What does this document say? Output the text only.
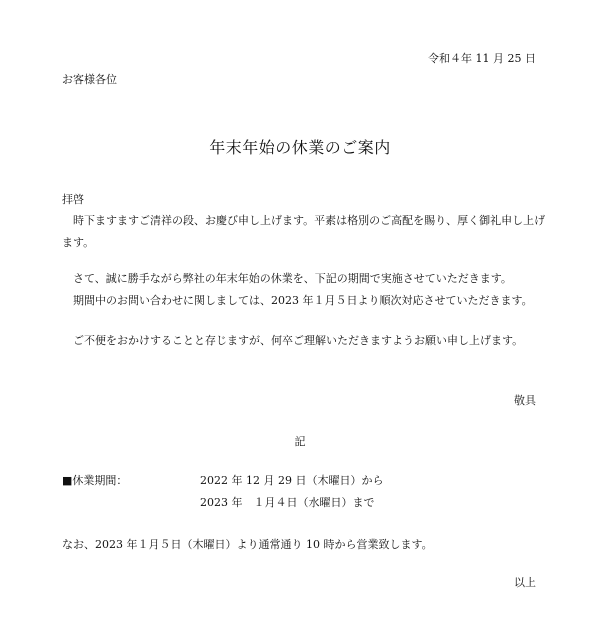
令和４年 11 月 25 日
お客様各位
年末年始の休業のご案内
拝啓
時下ますますご清祥の段、お慶び申し上げます。平素は格別のご高配を賜り、厚く御礼申し上げます。
さて、誠に勝手ながら弊社の年末年始の休業を、下記の期間で実施させていただきます。
期間中のお問い合わせに関しましては、2023 年１月５日より順次対応させていただきます。
ご不便をおかけすることと存じますが、何卒ご理解いただきますようお願い申し上げます。
敬具
記
■休業期間：	2022 年 12 月 29 日（木曜日）から
2023 年　１月４日（水曜日）まで
なお、2023 年１月５日（木曜日）より通常通り 10 時から営業致します。
以上
